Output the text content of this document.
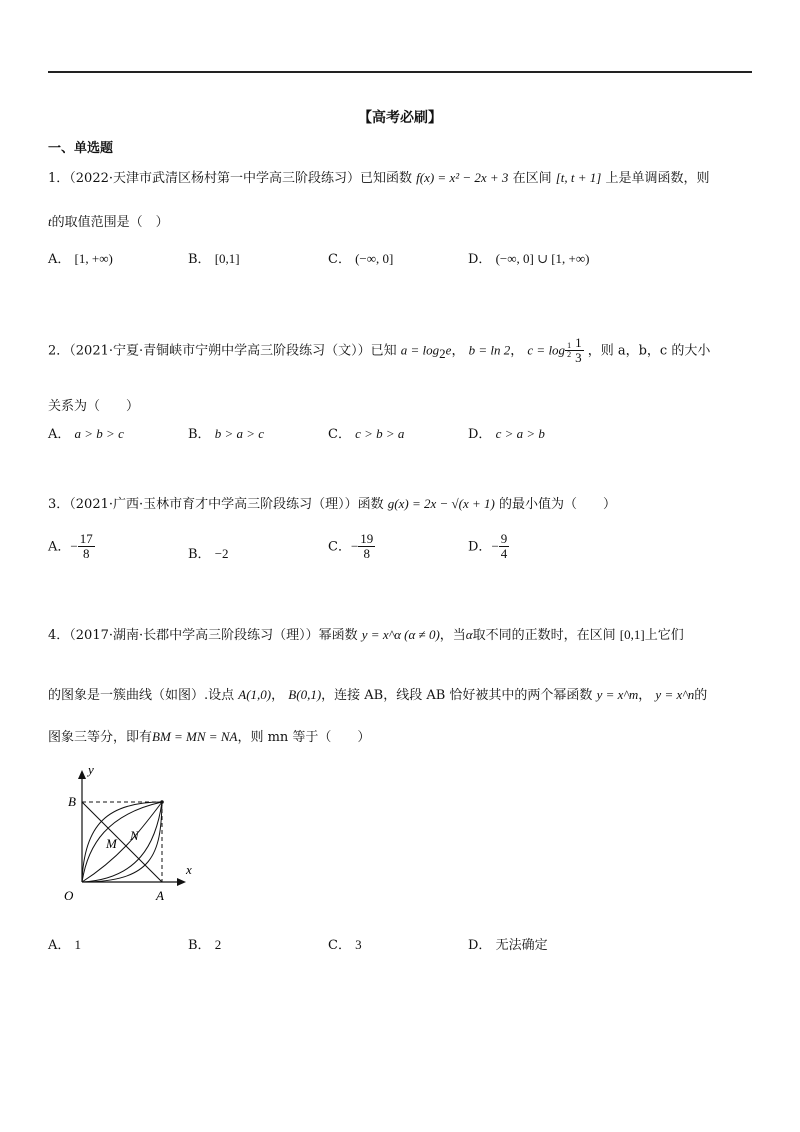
【高考必刷】
一、单选题
1．（2022·天津市武清区杨村第一中学高三阶段练习）已知函数 f(x) = x² − 2x + 3 在区间 [t, t + 1] 上是单调函数，则
t的取值范围是（　）
A． [1, +∞)	B． [0,1]	C． (−∞, 0]	D． (−∞, 0] ∪ [1, +∞)
2．（2021·宁夏·青铜峡市宁朔中学高三阶段练习（文））已知 $a = \log_2e$， b = ln 2， $c = \log \frac{1}{2} \frac{1}{3}$ ，则 a，b，c 的大小
关系为（　　）
A． a > b > c	B． b > a > c	C． c > b > a	D． c > a > b
3．（2021·广西·玉林市育才中学高三阶段练习（理））函数 g(x) = 2x − √(x + 1) 的最小值为（　　）
A．− $\frac{17}{8}$	B． −2	C．− $\frac{19}{8}$	D．− $\frac{9}{4}$
4．（2017·湖南·长郡中学高三阶段练习（理））幂函数 y = x^α (α ≠ 0)，当α取不同的正数时，在区间 [0,1]上它们
的图象是一簇曲线（如图）.设点 A(1,0)， B(0,1)，连接 AB，线段 AB 恰好被其中的两个幂函数 y = x^m， y = x^n的
图象三等分，即有BM = MN = NA，则 mn 等于（　　）
y
x
B
O	A
M
N
A． 1	B． 2	C． 3	D． 无法确定
